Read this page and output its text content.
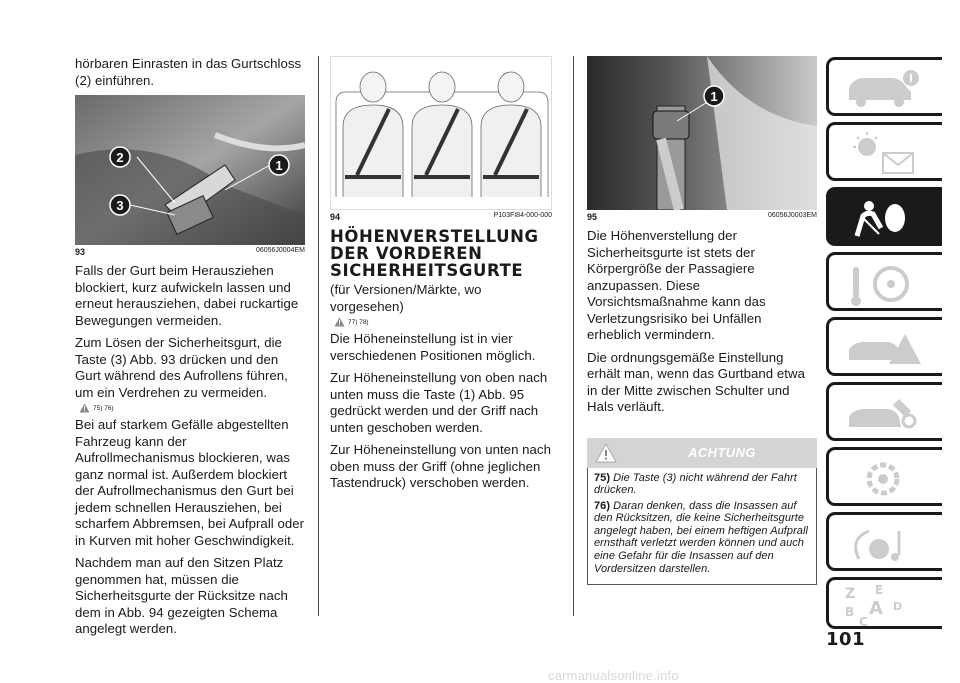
hörbaren Einrasten in das Gurtschloss (2) einführen.

2
1
3
93	06056J0004EM

Falls der Gurt beim Herausziehen blockiert, kurz aufwickeln lassen und erneut herausziehen, dabei ruckartige Bewegungen vermeiden.

Zum Lösen der Sicherheitsgurt, die Taste (3) Abb. 93 drücken und den Gurt während des Aufrollens führen, um ein Verdrehen zu vermeiden.

75) 76)

Bei auf starkem Gefälle abgestellten Fahrzeug kann der Aufrollmechanismus blockieren, was ganz normal ist. Außerdem blockiert der Aufrollmechanismus den Gurt bei jedem schnellen Herausziehen, bei scharfem Abbremsen, bei Aufprall oder in Kurven mit hoher Geschwindigkeit.

Nachdem man auf den Sitzen Platz genommen hat, müssen die Sicherheitsgurte der Rücksitze nach dem in Abb. 94 gezeigten Schema angelegt werden.

94	P103FI84-000-000
HÖHENVERSTELLUNG DER VORDEREN SICHERHEITSGURTE

(für Versionen/Märkte, wo vorgesehen)

77) 78)

Die Höheneinstellung ist in vier verschiedenen Positionen möglich.

Zur Höheneinstellung von oben nach unten muss die Taste (1) Abb. 95 gedrückt werden und der Griff nach unten geschoben werden.

Zur Höheneinstellung von unten nach oben muss der Griff (ohne jeglichen Tastendruck) verschoben werden.

1
95	06056J0003EM

Die Höhenverstellung der Sicherheitsgurte ist stets der Körpergröße der Passagiere anzupassen. Diese Vorsichtsmaßnahme kann das Verletzungsrisiko bei Unfällen erheblich vermindern.

Die ordnungsgemäße Einstellung erhält man, wenn das Gurtband etwa in der Mitte zwischen Schulter und Hals verläuft.

ACHTUNG

75) Die Taste (3) nicht während der Fahrt drücken.

76) Daran denken, dass die Insassen auf den Rücksitzen, die keine Sicherheitsgurte angelegt haben, bei einem heftigen Aufprall ernsthaft verletzt werden können und auch eine Gefahr für die Insassen auf den Vordersitzen darstellen.

Z E
B A D
C
101
carmanualsonline.info
